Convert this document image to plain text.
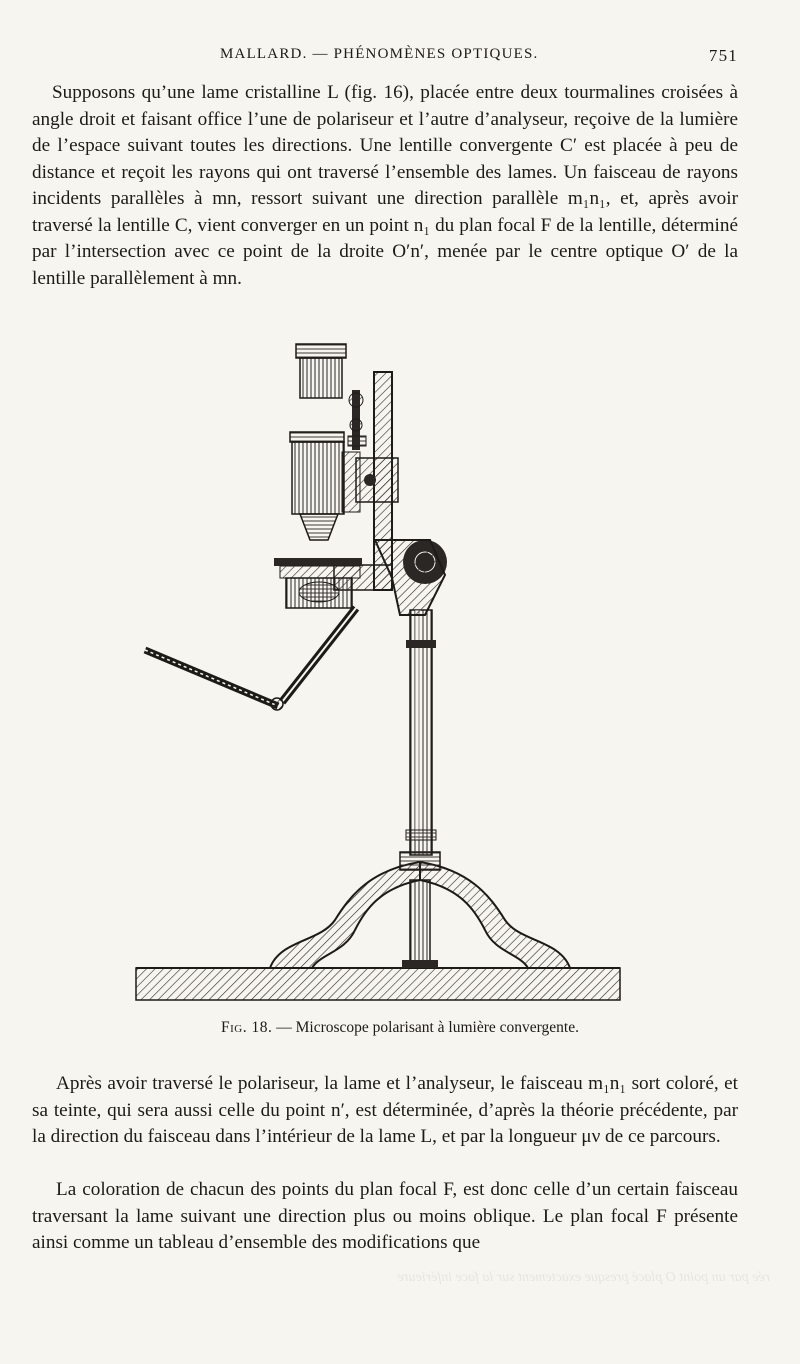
MALLARD. — PHÉNOMÈNES OPTIQUES.	751

Supposons qu’une lame cristalline L (fig. 16), placée entre deux tourmalines croisées à angle droit et faisant office l’une de polariseur et l’autre d’analyseur, reçoive de la lumière de l’espace suivant toutes les directions. Une lentille convergente C′ est placée à peu de distance et reçoit les rayons qui ont traversé l’ensemble des lames. Un faisceau de rayons incidents parallèles à mn, ressort suivant une direction parallèle m₁n₁, et, après avoir traversé la lentille C, vient converger en un point n₁ du plan focal F de la lentille, déterminé par l’intersection avec ce point de la droite O′n′, menée par le centre optique O′ de la lentille parallèlement à mn.

Fig. 18. — Microscope polarisant à lumière convergente.

Après avoir traversé le polariseur, la lame et l’analyseur, le faisceau m₁n₁ sort coloré, et sa teinte, qui sera aussi celle du point n′, est déterminée, d’après la théorie précédente, par la direction du faisceau dans l’intérieur de la lame L, et par la longueur μν de ce parcours.

La coloration de chacun des points du plan focal F, est donc celle d’un certain faisceau traversant la lame suivant une direction plus ou moins oblique. Le plan focal F présente ainsi comme un tableau d’ensemble des modifications que

rée par un point O placé presque exactement sur la face inférieure
